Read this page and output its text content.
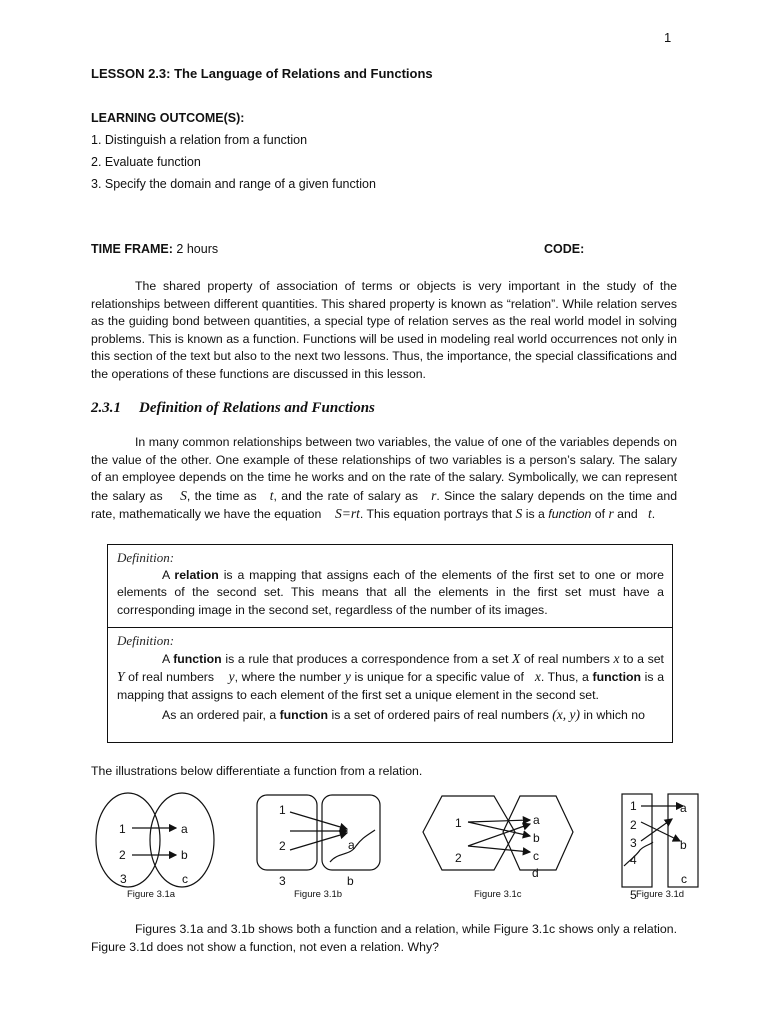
1
LESSON 2.3: The Language of Relations and Functions
LEARNING OUTCOME(S):
1. Distinguish a relation from a function
2. Evaluate function
3. Specify the domain and range of a given function
TIME FRAME: 2 hours	CODE:

The shared property of association of terms or objects is very important in the study of the relationships between different quantities. This shared property is known as “relation”. While relation serves as the guiding bond between quantities, a special type of relation serves as the real world model in solving problems. This is known as a function. Functions will be used in modeling real world occurrences not only in this section of the text but also to the next two lessons. Thus, the importance, the special classifications and the operations of these functions are discussed in this lesson.

2.3.1 Definition of Relations and Functions

In many common relationships between two variables, the value of one of the variables depends on the value of the other. One example of these relationships of two variables is a person’s salary. The salary of an employee depends on the time he works and on the rate of the salary. Symbolically, we can represent the salary as S, the time as t, and the rate of salary as r. Since the salary depends on the time and rate, mathematically we have the equation S=rt. This equation portrays that S is a function of r and t.

Definition:

A relation is a mapping that assigns each of the elements of the first set to one or more elements of the second set. This means that all the elements in the first set must have a corresponding image in the second set, regardless of the number of its images.

Definition:

A function is a rule that produces a correspondence from a set X of real numbers x to a set Y of real numbers y, where the number y is unique for a specific value of x. Thus, a function is a mapping that assigns to each element of the first set a unique element in the second set.

As an ordered pair, a function is a set of ordered pairs of real numbers (x, y) in which no

The illustrations below differentiate a function from a relation.
1
2
3
a
b
c
1
2
3
a
b
1
2
a
b
c
d
1
2
3
4
5
a
b
c
Figure 3.1a	Figure 3.1b	Figure 3.1c	Figure 3.1d

Figures 3.1a and 3.1b shows both a function and a relation, while Figure 3.1c shows only a relation. Figure 3.1d does not show a function, not even a relation. Why?
